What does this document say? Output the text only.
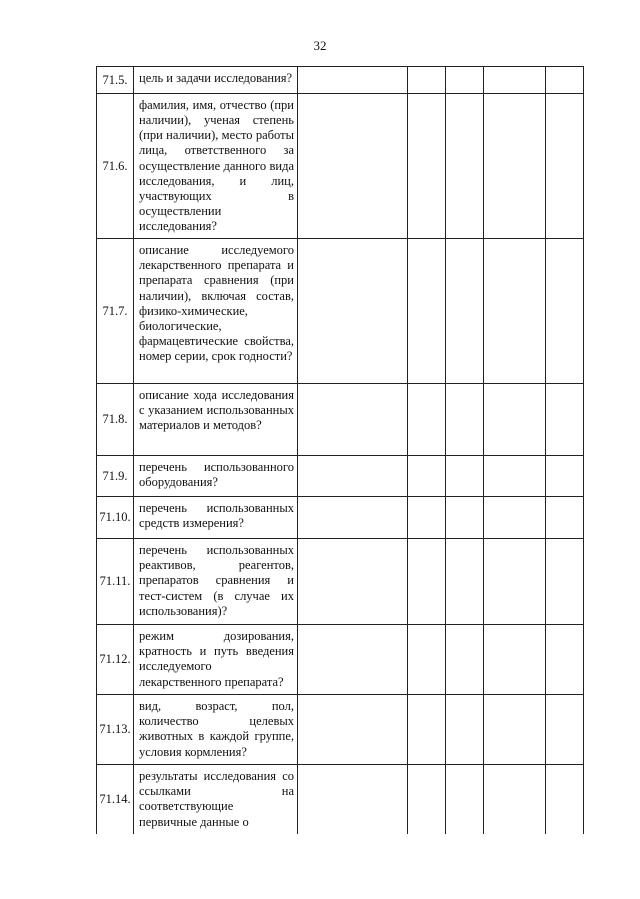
32
71.5.	цель и задачи исследования?					
71.6.	фамилия, имя, отчество (при наличии), ученая степень (при наличии), место работы лица, ответственного за осуществление данного вида исследования, и лиц, участвующих в осуществлении исследования?					
71.7.	описание исследуемого лекарственного препарата и препарата сравнения (при наличии), включая состав, физико-химические, биологические, фармацевтические свойства, номер серии, срок годности?					
71.8.	описание хода исследования с указанием использованных материалов и методов?					
71.9.	перечень использованного оборудования?					
71.10.	перечень использованных средств измерения?					
71.11.	перечень использованных реактивов, реагентов, препаратов сравнения и тест-систем (в случае их использования)?					
71.12.	режим дозирования, кратность и путь введения исследуемого лекарственного препарата?					
71.13.	вид, возраст, пол, количество целевых животных в каждой группе, условия кормления?					
71.14.	результаты исследования со ссылками на соответствующие первичные данные о					
